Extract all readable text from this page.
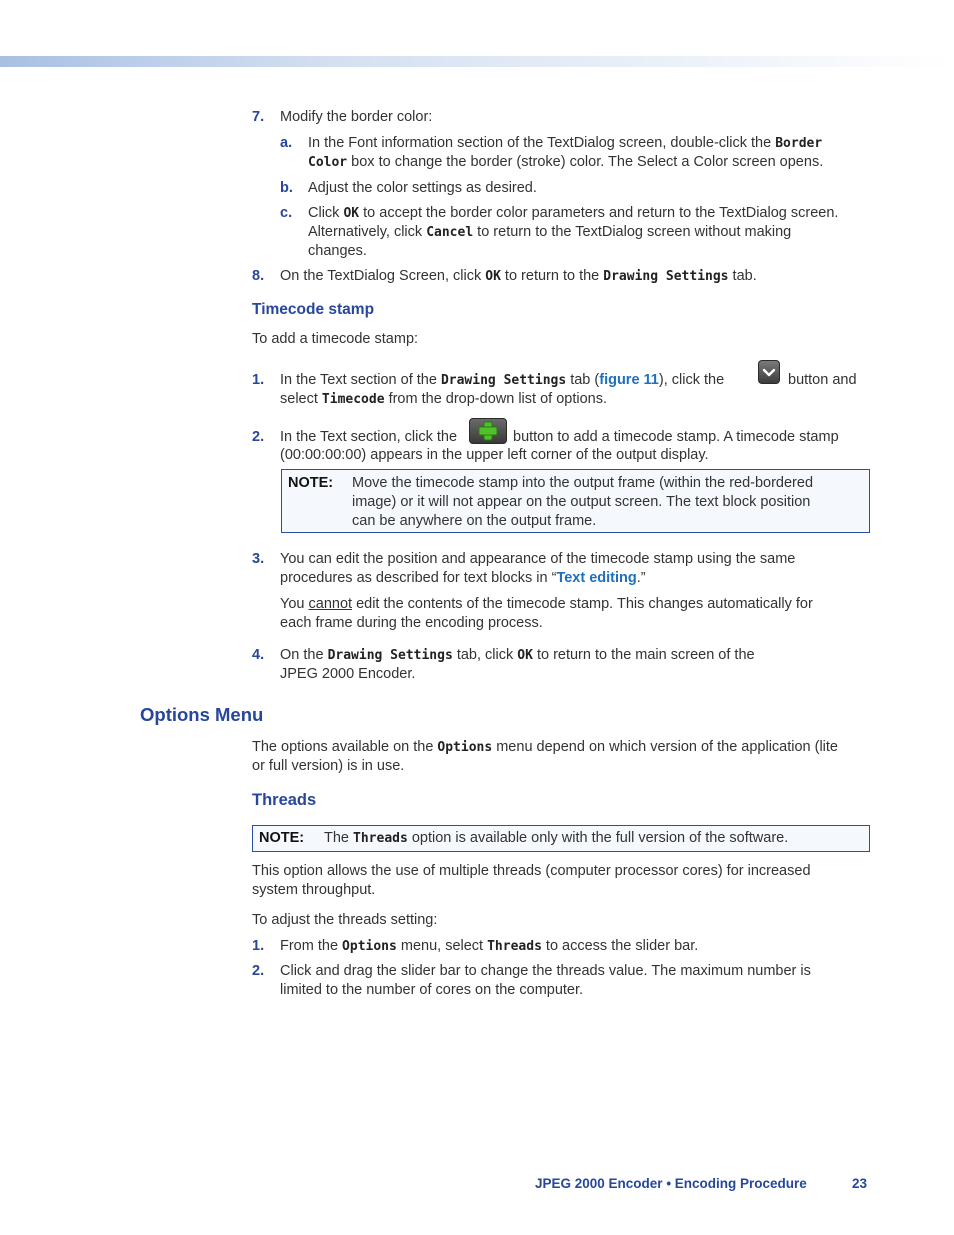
7. Modify the border color:
a. In the Font information section of the TextDialog screen, double-click the Border
Color box to change the border (stroke) color. The Select a Color screen opens.
b. Adjust the color settings as desired.
c. Click OK to accept the border color parameters and return to the TextDialog screen.
Alternatively, click Cancel to return to the TextDialog screen without making
changes.
8. On the TextDialog Screen, click OK to return to the Drawing Settings tab.
Timecode stamp
To add a timecode stamp:
1. In the Text section of the Drawing Settings tab (figure 11), click the	button and
select Timecode from the drop-down list of options.
2. In the Text section, click the	button to add a timecode stamp. A timecode stamp
(00:00:00:00) appears in the upper left corner of the output display.
NOTE: Move the timecode stamp into the output frame (within the red-bordered
image) or it will not appear on the output screen. The text block position
can be anywhere on the output frame.
3. You can edit the position and appearance of the timecode stamp using the same
procedures as described for text blocks in “Text editing.”
You cannot edit the contents of the timecode stamp. This changes automatically for
each frame during the encoding process.
4. On the Drawing Settings tab, click OK to return to the main screen of the
JPEG 2000 Encoder.
Options Menu
The options available on the Options menu depend on which version of the application (lite
or full version) is in use.
Threads
NOTE: The Threads option is available only with the full version of the software.
This option allows the use of multiple threads (computer processor cores) for increased
system throughput.
To adjust the threads setting:
1. From the Options menu, select Threads to access the slider bar.
2. Click and drag the slider bar to change the threads value. The maximum number is
limited to the number of cores on the computer.
JPEG 2000 Encoder • Encoding Procedure	23
